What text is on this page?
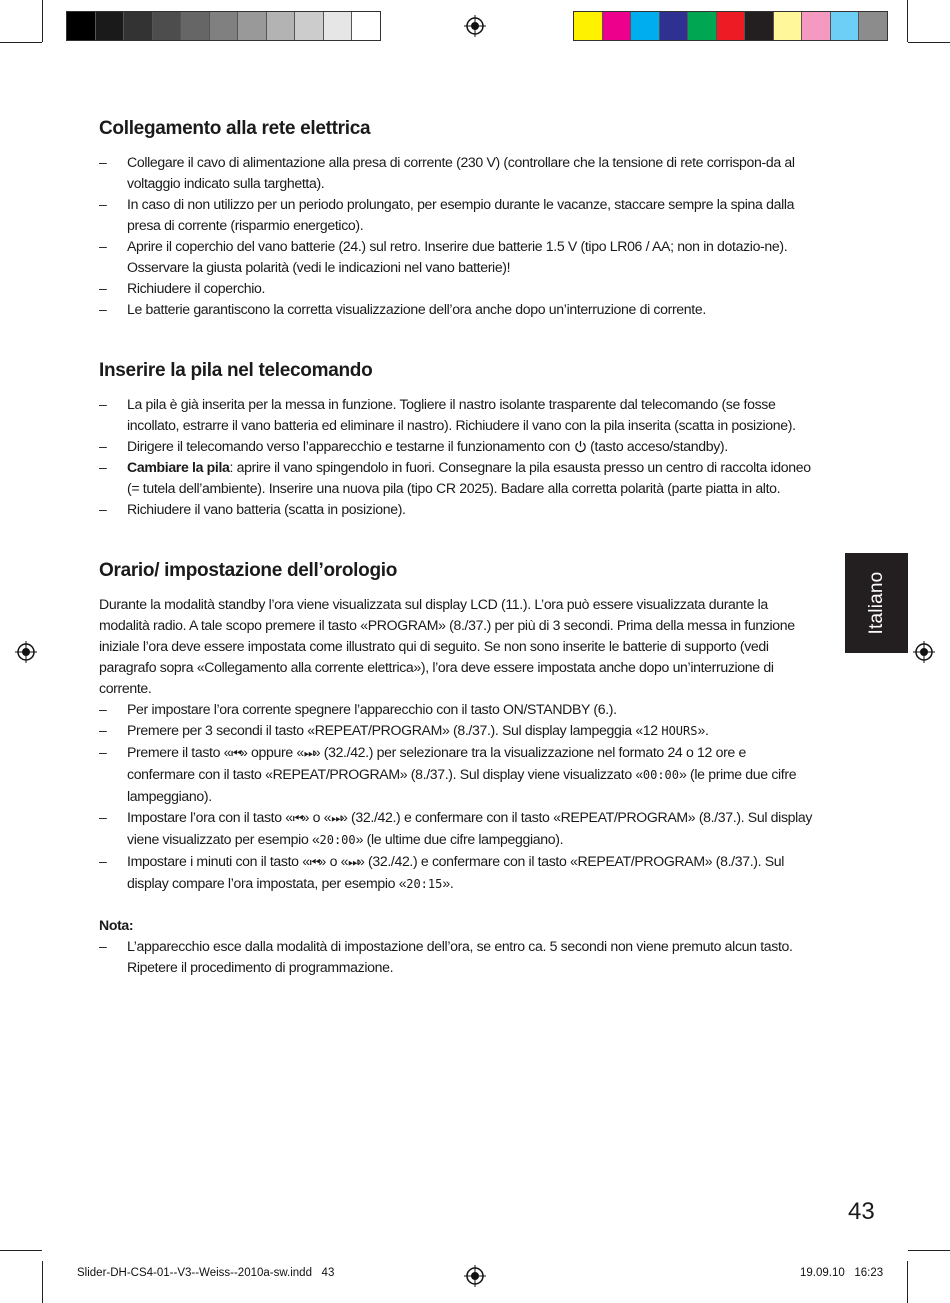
Collegamento alla rete elettrica
– Collegare il cavo di alimentazione alla presa di corrente (230 V) (controllare che la tensione di rete corrispon-da al voltaggio indicato sulla targhetta).
– In caso di non utilizzo per un periodo prolungato, per esempio durante le vacanze, staccare sempre la spina dalla presa di corrente (risparmio energetico).
– Aprire il coperchio del vano batterie (24.) sul retro. Inserire due batterie 1.5 V (tipo LR06 / AA; non in dotazio-ne). Osservare la giusta polarità (vedi le indicazioni nel vano batterie)!
– Richiudere il coperchio.
– Le batterie garantiscono la corretta visualizzazione dell’ora anche dopo un’interruzione di corrente.
Inserire la pila nel telecomando
– La pila è già inserita per la messa in funzione. Togliere il nastro isolante trasparente dal telecomando (se fosse incollato, estrarre il vano batteria ed eliminare il nastro). Richiudere il vano con la pila inserita (scatta in posizione).
– Dirigere il telecomando verso l’apparecchio e testarne il funzionamento con  (tasto acceso/standby).
– Cambiare la pila: aprire il vano spingendolo in fuori. Consegnare la pila esausta presso un centro di raccolta idoneo (= tutela dell’ambiente). Inserire una nuova pila (tipo CR 2025). Badare alla corretta polarità (parte piatta in alto.
– Richiudere il vano batteria (scatta in posizione).
Orario/ impostazione dell’orologio

Durante la modalità standby l’ora viene visualizzata sul display LCD (11.). L’ora può essere visualizzata durante la modalità radio. A tale scopo premere il tasto «PROGRAM» (8./37.) per più di 3 secondi. Prima della messa in funzione iniziale l’ora deve essere impostata come illustrato qui di seguito. Se non sono inserite le batterie di supporto (vedi paragrafo sopra «Collegamento alla corrente elettrica»), l’ora deve essere impostata anche dopo un’interruzione di corrente.

– Per impostare l’ora corrente spegnere l’apparecchio con il tasto ON/STANDBY (6.).
– Premere per 3 secondi il tasto «REPEAT/PROGRAM» (8./37.). Sul display lampeggia «12 HOURS».
– Premere il tasto «⏮» oppure «⏭» (32./42.) per selezionare tra la visualizzazione nel formato 24 o 12 ore e confermare con il tasto «REPEAT/PROGRAM» (8./37.). Sul display viene visualizzato «00:00» (le prime due cifre lampeggiano).
– Impostare l’ora con il tasto «⏮» o «⏭» (32./42.) e confermare con il tasto «REPEAT/PROGRAM» (8./37.). Sul display viene visualizzato per esempio «20:00» (le ultime due cifre lampeggiano).
– Impostare i minuti con il tasto «⏮» o «⏭» (32./42.) e confermare con il tasto «REPEAT/PROGRAM» (8./37.). Sul display compare l’ora impostata, per esempio «20:15».

Nota:

– L’apparecchio esce dalla modalità di impostazione dell’ora, se entro ca. 5 secondi non viene premuto alcun tasto. Ripetere il procedimento di programmazione.
Italiano
43
Slider-DH-CS4-01--V3--Weiss--2010a-sw.indd   43	19.09.10   16:23
